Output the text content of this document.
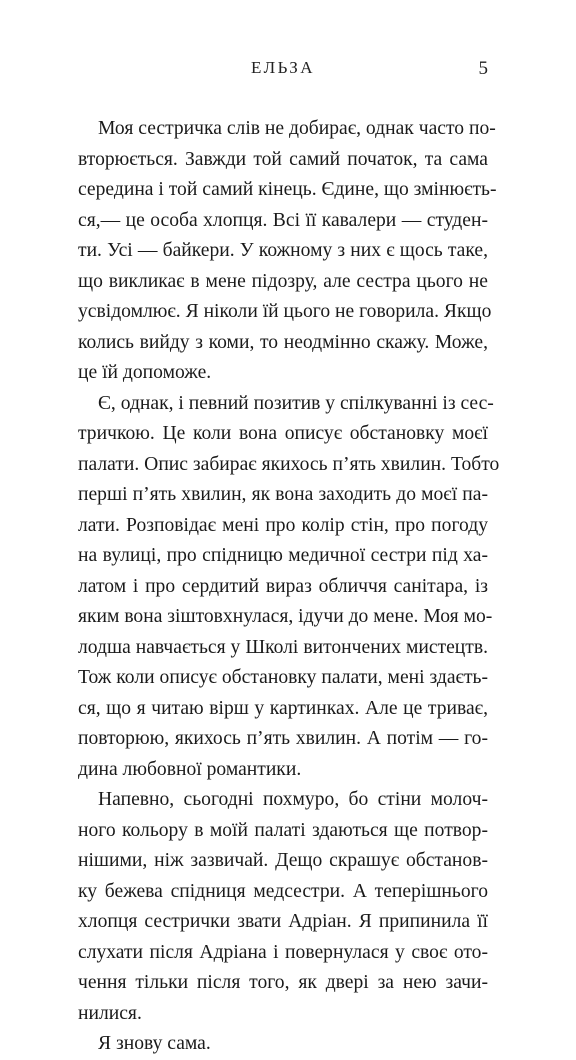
ЕЛЬЗА	5
Моя сестричка слів не добирає, однак часто по-
вторюється. Завжди той самий початок, та сама
середина і той самий кінець. Єдине, що змінюєть-
ся,— це особа хлопця. Всі її кавалери — студен-
ти. Усі — байкери. У кожному з них є щось таке,
що викликає в мене підозру, але сестра цього не
усвідомлює. Я ніколи їй цього не говорила. Якщо
колись вийду з коми, то неодмінно скажу. Може,
це їй допоможе.
Є, однак, і певний позитив у спілкуванні із сес-
тричкою. Це коли вона описує обстановку моєї
палати. Опис забирає якихось п’ять хвилин. Тобто
перші п’ять хвилин, як вона заходить до моєї па-
лати. Розповідає мені про колір стін, про погоду
на вулиці, про спідницю медичної сестри під ха-
латом і про сердитий вираз обличчя санітара, із
яким вона зіштовхнулася, ідучи до мене. Моя мо-
лодша навчається у Школі витончених мистецтв.
Тож коли описує обстановку палати, мені здаєть-
ся, що я читаю вірш у картинках. Але це триває,
повторюю, якихось п’ять хвилин. А потім — го-
дина любовної романтики.
Напевно, сьогодні похмуро, бо стіни молоч-
ного кольору в моїй палаті здаються ще потвор-
нішими, ніж зазвичай. Дещо скрашує обстанов-
ку бежева спідниця медсестри. А теперішнього
хлопця сестрички звати Адріан. Я припинила її
слухати після Адріана і повернулася у своє ото-
чення тільки після того, як двері за нею зачи-
нилися.
Я знову сама.
